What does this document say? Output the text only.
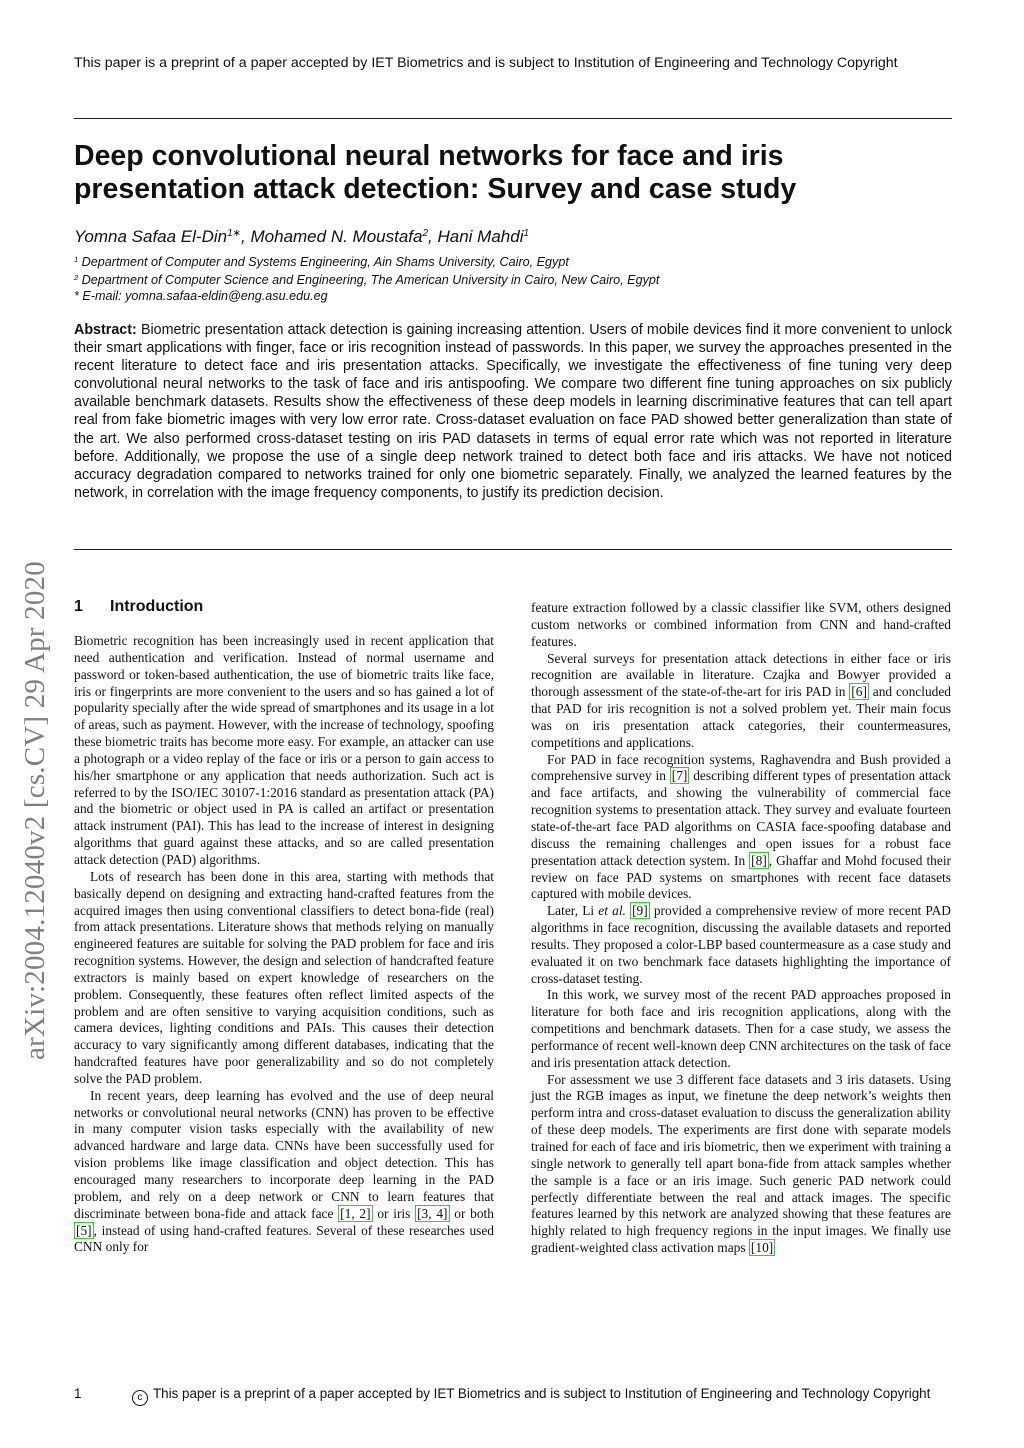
This paper is a preprint of a paper accepted by IET Biometrics and is subject to Institution of Engineering and Technology Copyright
Deep convolutional neural networks for face and iris presentation attack detection: Survey and case study
Yomna Safaa El-Din$^{1∗}$, Mohamed N. Moustafa$^2$, Hani Mahdi$^1$
$^1$ Department of Computer and Systems Engineering, Ain Shams University, Cairo, Egypt
$^2$ Department of Computer Science and Engineering, The American University in Cairo, New Cairo, Egypt
* E-mail: yomna.safaa-eldin@eng.asu.edu.eg

Abstract: Biometric presentation attack detection is gaining increasing attention. Users of mobile devices find it more convenient to unlock their smart applications with finger, face or iris recognition instead of passwords. In this paper, we survey the approaches presented in the recent literature to detect face and iris presentation attacks. Specifically, we investigate the effectiveness of fine tuning very deep convolutional neural networks to the task of face and iris antispoofing. We compare two different fine tuning approaches on six publicly available benchmark datasets. Results show the effectiveness of these deep models in learning discriminative features that can tell apart real from fake biometric images with very low error rate. Cross-dataset evaluation on face PAD showed better generalization than state of the art. We also performed cross-dataset testing on iris PAD datasets in terms of equal error rate which was not reported in literature before. Additionally, we propose the use of a single deep network trained to detect both face and iris attacks. We have not noticed accuracy degradation compared to networks trained for only one biometric separately. Finally, we analyzed the learned features by the network, in correlation with the image frequency components, to justify its prediction decision.

arXiv:2004.12040v2 [cs.CV] 29 Apr 2020 1 Introduction

Biometric recognition has been increasingly used in recent application that need authentication and verification. Instead of normal username and password or token-based authentication, the use of biometric traits like face, iris or fingerprints are more convenient to the users and so has gained a lot of popularity specially after the wide spread of smartphones and its usage in a lot of areas, such as payment. However, with the increase of technology, spoofing these biometric traits has become more easy. For example, an attacker can use a photograph or a video replay of the face or iris or a person to gain access to his/her smartphone or any application that needs authorization. Such act is referred to by the ISO/IEC 30107-1:2016 standard as presentation attack (PA) and the biometric or object used in PA is called an artifact or presentation attack instrument (PAI). This has lead to the increase of interest in designing algorithms that guard against these attacks, and so are called presentation attack detection (PAD) algorithms.

Lots of research has been done in this area, starting with methods that basically depend on designing and extracting hand-crafted features from the acquired images then using conventional classifiers to detect bona-fide (real) from attack presentations. Literature shows that methods relying on manually engineered features are suitable for solving the PAD problem for face and iris recognition systems. However, the design and selection of handcrafted feature extractors is mainly based on expert knowledge of researchers on the problem. Consequently, these features often reflect limited aspects of the problem and are often sensitive to varying acquisition conditions, such as camera devices, lighting conditions and PAIs. This causes their detection accuracy to vary significantly among different databases, indicating that the handcrafted features have poor generalizability and so do not completely solve the PAD problem.

In recent years, deep learning has evolved and the use of deep neural networks or convolutional neural networks (CNN) has proven to be effective in many computer vision tasks especially with the availability of new advanced hardware and large data. CNNs have been successfully used for vision problems like image classification and object detection. This has encouraged many researchers to incorporate deep learning in the PAD problem, and rely on a deep network or CNN to learn features that discriminate between bona-fide and attack face [1, 2] or iris [3, 4] or both [5] , instead of using hand-crafted features. Several of these researches used CNN only for

feature extraction followed by a classic classifier like SVM, others designed custom networks or combined information from CNN and hand-crafted features.

Several surveys for presentation attack detections in either face or iris recognition are available in literature. Czajka and Bowyer provided a thorough assessment of the state-of-the-art for iris PAD in [6] and concluded that PAD for iris recognition is not a solved problem yet. Their main focus was on iris presentation attack categories, their countermeasures, competitions and applications.

For PAD in face recognition systems, Raghavendra and Bush provided a comprehensive survey in [7] describing different types of presentation attack and face artifacts, and showing the vulnerability of commercial face recognition systems to presentation attack. They survey and evaluate fourteen state-of-the-art face PAD algorithms on CASIA face-spoofing database and discuss the remaining challenges and open issues for a robust face presentation attack detection system. In [8] , Ghaffar and Mohd focused their review on face PAD systems on smartphones with recent face datasets captured with mobile devices.

Later, Li et al. [9] provided a comprehensive review of more recent PAD algorithms in face recognition, discussing the available datasets and reported results. They proposed a color-LBP based countermeasure as a case study and evaluated it on two benchmark face datasets highlighting the importance of cross-dataset testing.

In this work, we survey most of the recent PAD approaches proposed in literature for both face and iris recognition applications, along with the competitions and benchmark datasets. Then for a case study, we assess the performance of recent well-known deep CNN architectures on the task of face and iris presentation attack detection.

For assessment we use 3 different face datasets and 3 iris datasets. Using just the RGB images as input, we finetune the deep network’s weights then perform intra and cross-dataset evaluation to discuss the generalization ability of these deep models. The experiments are first done with separate models trained for each of face and iris biometric, then we experiment with training a single network to generally tell apart bona-fide from attack samples whether the sample is a face or an iris image. Such generic PAD network could perfectly differentiate between the real and attack images. The specific features learned by this network are analyzed showing that these features are highly related to high frequency regions in the input images. We finally use gradient-weighted class activation maps [10]

1	c This paper is a preprint of a paper accepted by IET Biometrics and is subject to Institution of Engineering and Technology Copyright
